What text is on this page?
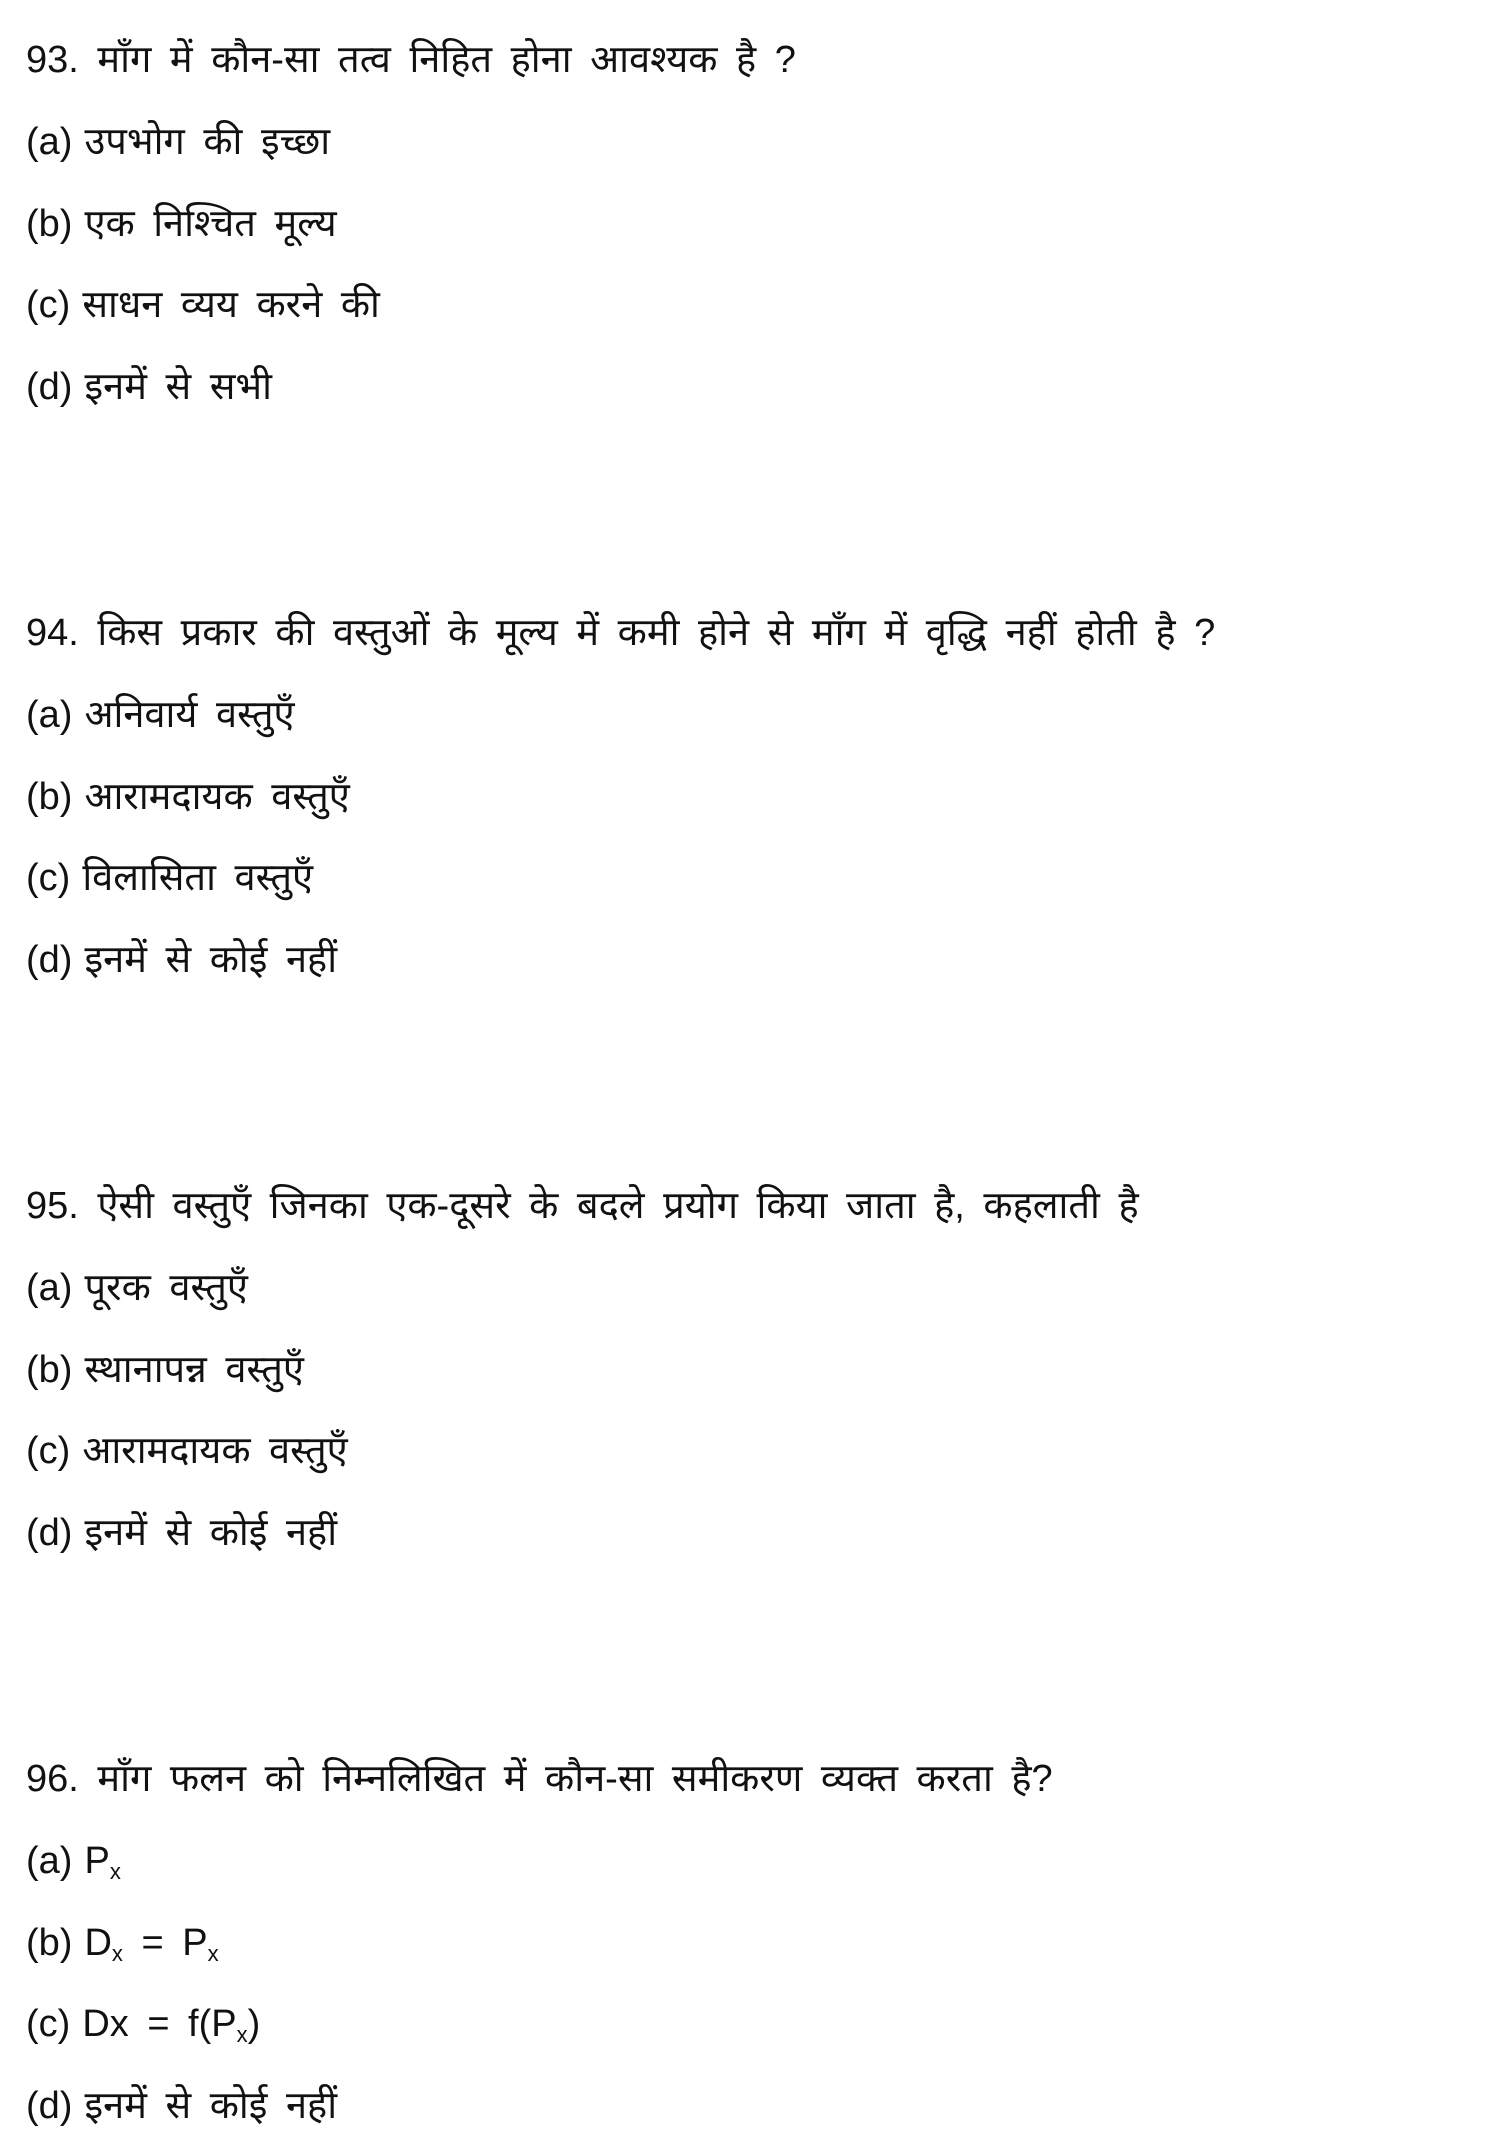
93. माँग में कौन-सा तत्व निहित होना आवश्यक है ?
(a) उपभोग की इच्छा
(b) एक निश्चित मूल्य
(c) साधन व्यय करने की
(d) इनमें से सभी
94. किस प्रकार की वस्तुओं के मूल्य में कमी होने से माँग में वृद्धि नहीं होती है ?
(a) अनिवार्य वस्तुएँ
(b) आरामदायक वस्तुएँ
(c) विलासिता वस्तुएँ
(d) इनमें से कोई नहीं
95. ऐसी वस्तुएँ जिनका एक-दूसरे के बदले प्रयोग किया जाता है, कहलाती है
(a) पूरक वस्तुएँ
(b) स्थानापन्न वस्तुएँ
(c) आरामदायक वस्तुएँ
(d) इनमें से कोई नहीं
96. माँग फलन को निम्नलिखित में कौन-सा समीकरण व्यक्त करता है?
(a) $P_x$
(b) $D_x = P_x$
(c) $Dx = f(P_x)$
(d) इनमें से कोई नहीं
